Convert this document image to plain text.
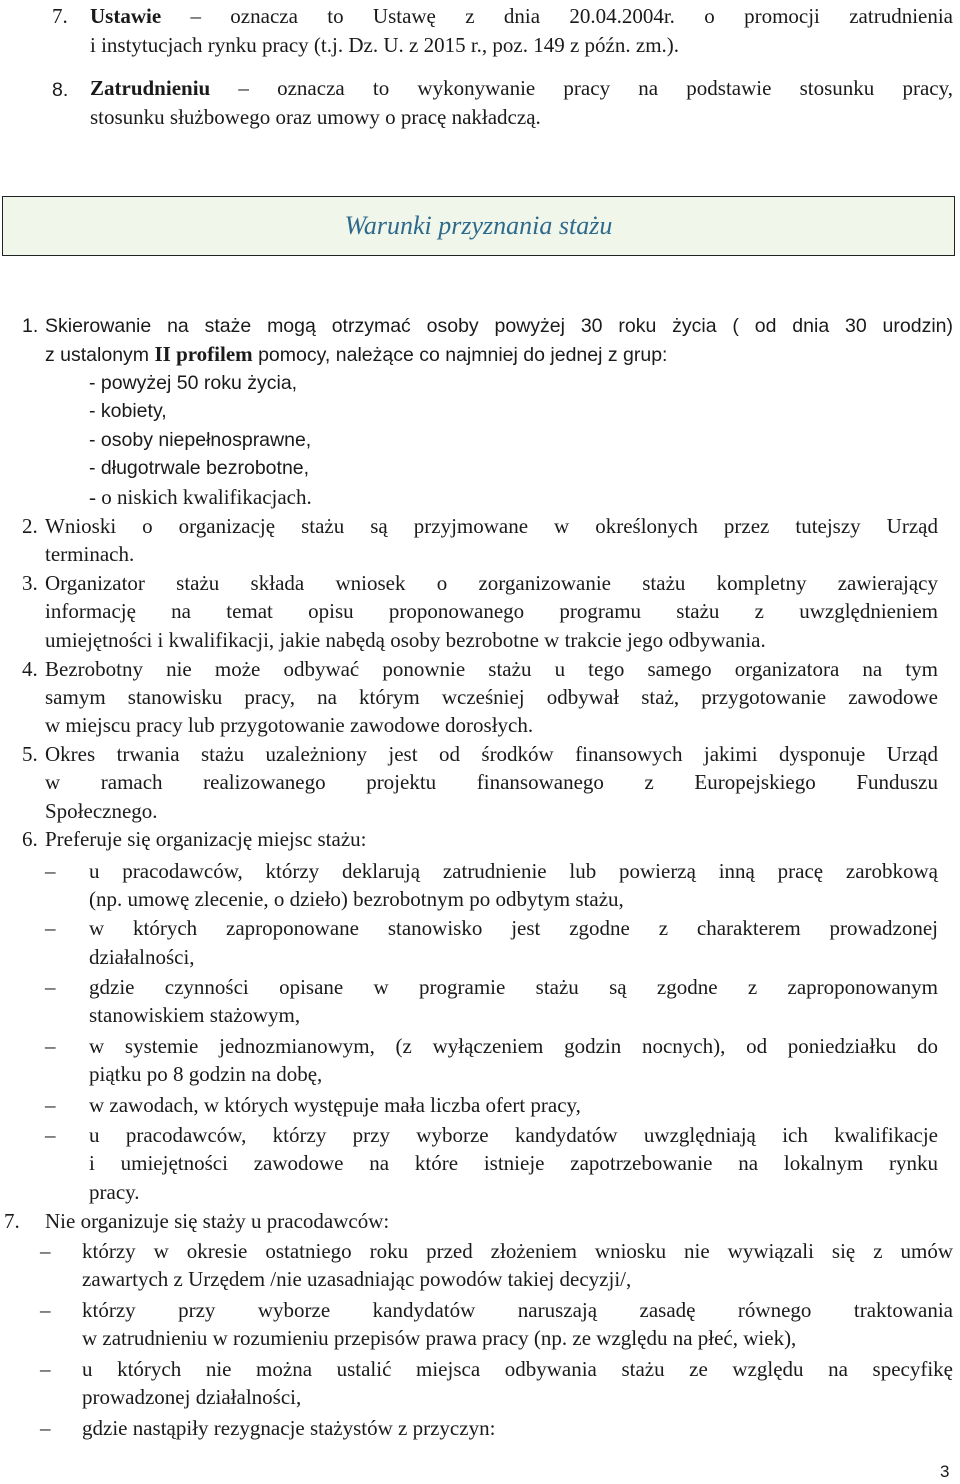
7. Ustawie – oznacza to Ustawę z dnia 20.04.2004r. o promocji zatrudnienia
i instytucjach rynku pracy (t.j. Dz. U. z 2015 r., poz. 149 z późn. zm.).
8. Zatrudnieniu – oznacza to wykonywanie pracy na podstawie stosunku pracy,
stosunku służbowego oraz umowy o pracę nakładczą.
Warunki przyznania stażu
1. Skierowanie na staże mogą otrzymać osoby powyżej 30 roku życia ( od dnia 30 urodzin)
z ustalonym II profilem pomocy, należące co najmniej do jednej z grup:
- powyżej 50 roku życia,
- kobiety,
- osoby niepełnosprawne,
- długotrwale bezrobotne,
- o niskich kwalifikacjach.
2. Wnioski o organizację stażu są przyjmowane w określonych przez tutejszy Urząd
terminach.
3. Organizator stażu składa wniosek o zorganizowanie stażu kompletny zawierający
informację na temat opisu proponowanego programu stażu z uwzględnieniem
umiejętności i kwalifikacji, jakie nabędą osoby bezrobotne w trakcie jego odbywania.
4. Bezrobotny nie może odbywać ponownie stażu u tego samego organizatora na tym
samym stanowisku pracy, na którym wcześniej odbywał staż, przygotowanie zawodowe
w miejscu pracy lub przygotowanie zawodowe dorosłych.
5. Okres trwania stażu uzależniony jest od środków finansowych jakimi dysponuje Urząd
w ramach realizowanego projektu finansowanego z Europejskiego Funduszu
Społecznego.
6. Preferuje się organizację miejsc stażu:
– u pracodawców, którzy deklarują zatrudnienie lub powierzą inną pracę zarobkową
(np. umowę zlecenie, o dzieło) bezrobotnym po odbytym stażu,
– w których zaproponowane stanowisko jest zgodne z charakterem prowadzonej
działalności,
– gdzie czynności opisane w programie stażu są zgodne z zaproponowanym
stanowiskiem stażowym,
– w systemie jednozmianowym, (z wyłączeniem godzin nocnych), od poniedziałku do
piątku po 8 godzin na dobę,
– w zawodach, w których występuje mała liczba ofert pracy,
– u pracodawców, którzy przy wyborze kandydatów uwzględniają ich kwalifikacje
i umiejętności zawodowe na które istnieje zapotrzebowanie na lokalnym rynku
pracy.
7. Nie organizuje się staży u pracodawców:
– którzy w okresie ostatniego roku przed złożeniem wniosku nie wywiązali się z umów
zawartych z Urzędem /nie uzasadniając powodów takiej decyzji/,
– którzy przy wyborze kandydatów naruszają zasadę równego traktowania
w zatrudnieniu w rozumieniu przepisów prawa pracy (np. ze względu na płeć, wiek),
– u których nie można ustalić miejsca odbywania stażu ze względu na specyfikę
prowadzonej działalności,
– gdzie nastąpiły rezygnacje stażystów z przyczyn:
3
